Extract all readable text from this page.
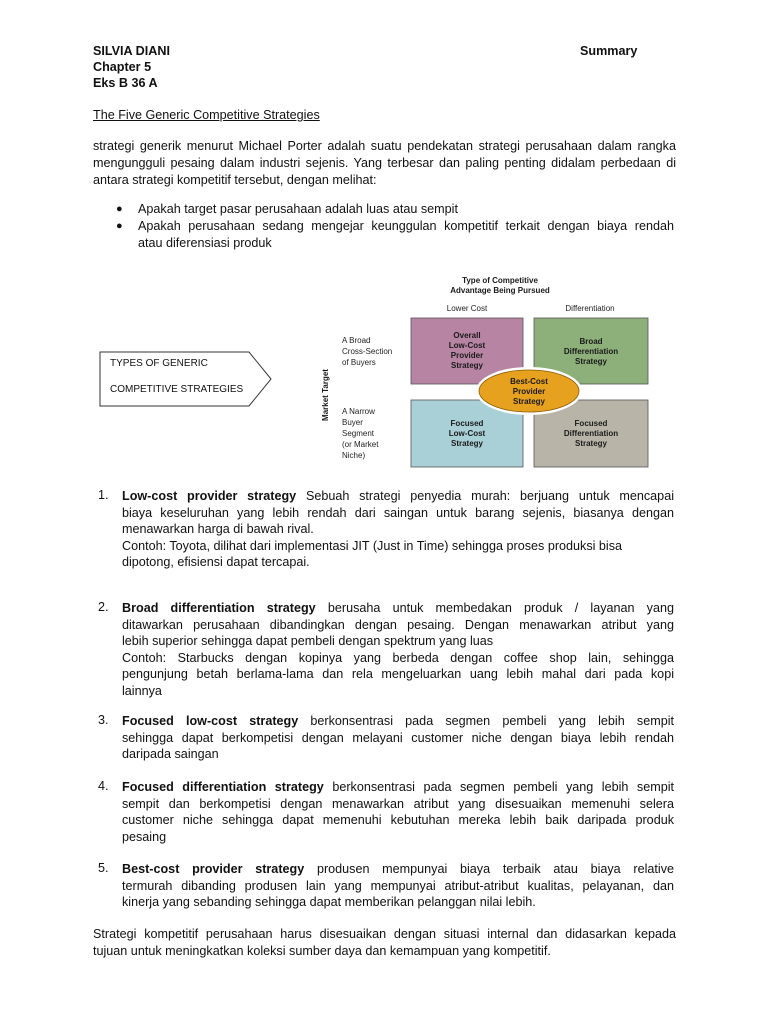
SILVIA DIANI	Summary
Chapter 5
Eks B 36 A
The Five Generic Competitive Strategies
strategi generik menurut Michael Porter adalah suatu pendekatan strategi perusahaan dalam rangka
mengungguli pesaing dalam industri sejenis. Yang terbesar dan paling penting didalam perbedaan di
antara strategi kompetitif tersebut, dengan melihat:
● Apakah target pasar perusahaan adalah luas atau sempit
● Apakah perusahaan sedang mengejar keunggulan kompetitif terkait dengan biaya rendah
atau diferensiasi produk
TYPES OF GENERIC
COMPETITIVE STRATEGIES
Type of Competitive
Advantage Being Pursued
Lower Cost	Differentiation
Market Target
A Broad
Cross-Section
of Buyers
A Narrow
Buyer
Segment
(or Market
Niche)
Overall
Low-Cost
Provider
Strategy
Broad
Differentiation
Strategy
Focused
Low-Cost
Strategy
Focused
Differentiation
Strategy
Best-Cost
Provider
Strategy
1. Low-cost provider strategy Sebuah strategi penyedia murah: berjuang untuk mencapai
biaya keseluruhan yang lebih rendah dari saingan untuk barang sejenis, biasanya dengan
menawarkan harga di bawah rival.
Contoh: Toyota, dilihat dari implementasi JIT (Just in Time) sehingga proses produksi bisa
dipotong, efisiensi dapat tercapai.
2. Broad differentiation strategy berusaha untuk membedakan produk / layanan yang
ditawarkan perusahaan dibandingkan dengan pesaing. Dengan menawarkan atribut yang
lebih superior sehingga dapat pembeli dengan spektrum yang luas
Contoh: Starbucks dengan kopinya yang berbeda dengan coffee shop lain, sehingga
pengunjung betah berlama-lama dan rela mengeluarkan uang lebih mahal dari pada kopi
lainnya
3. Focused low-cost strategy berkonsentrasi pada segmen pembeli yang lebih sempit
sehingga dapat berkompetisi dengan melayani customer niche dengan biaya lebih rendah
daripada saingan
4. Focused differentiation strategy berkonsentrasi pada segmen pembeli yang lebih sempit
sempit dan berkompetisi dengan menawarkan atribut yang disesuaikan memenuhi selera
customer niche sehingga dapat memenuhi kebutuhan mereka lebih baik daripada produk
pesaing
5. Best-cost provider strategy produsen mempunyai biaya terbaik atau biaya relative
termurah dibanding produsen lain yang mempunyai atribut-atribut kualitas, pelayanan, dan
kinerja yang sebanding sehingga dapat memberikan pelanggan nilai lebih.
Strategi kompetitif perusahaan harus disesuaikan dengan situasi internal dan didasarkan kepada
tujuan untuk meningkatkan koleksi sumber daya dan kemampuan yang kompetitif.
